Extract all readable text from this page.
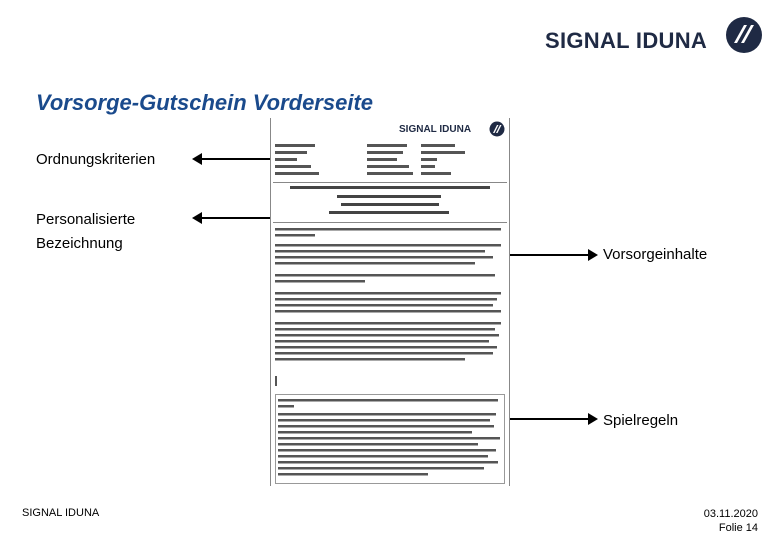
SIGNAL IDUNA
Vorsorge-Gutschein Vorderseite
Ordnungskriterien
Personalisierte Bezeichnung
Vorsorgeinhalte
Spielregeln
SIGNAL IDUNA
SIGNAL IDUNA	03.11.2020
Folie 14
